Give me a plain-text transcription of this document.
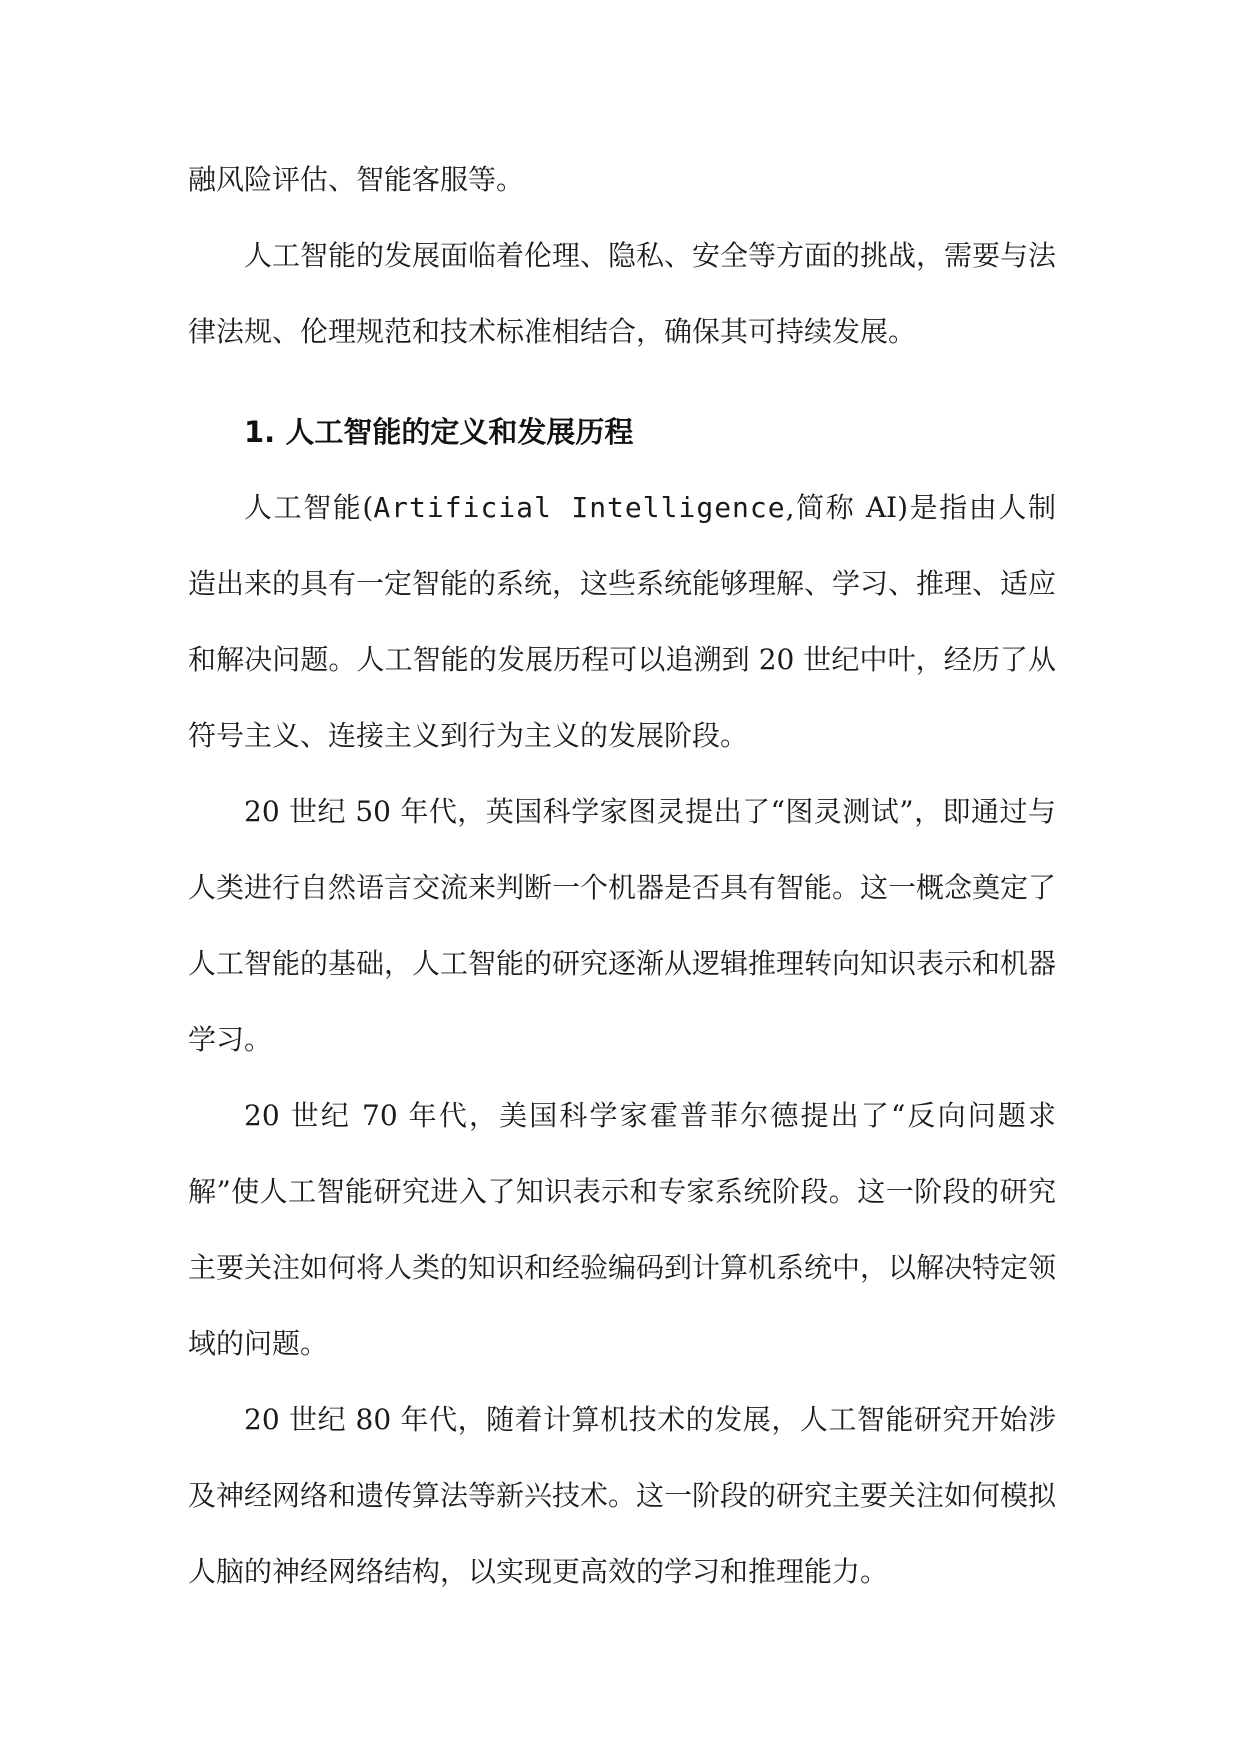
融风险评估、智能客服等。

人工智能的发展面临着伦理、隐私、安全等方面的挑战，需要与法律法规、伦理规范和技术标准相结合，确保其可持续发展。

1. 人工智能的定义和发展历程

人工智能(Artificial Intelligence,简称 AI)是指由人制造出来的具有一定智能的系统，这些系统能够理解、学习、推理、适应和解决问题。人工智能的发展历程可以追溯到 20 世纪中叶，经历了从符号主义、连接主义到行为主义的发展阶段。

20 世纪 50 年代，英国科学家图灵提出了“图灵测试”，即通过与人类进行自然语言交流来判断一个机器是否具有智能。这一概念奠定了人工智能的基础，人工智能的研究逐渐从逻辑推理转向知识表示和机器学习。

20 世纪 70 年代，美国科学家霍普菲尔德提出了“反向问题求解”使人工智能研究进入了知识表示和专家系统阶段。这一阶段的研究主要关注如何将人类的知识和经验编码到计算机系统中，以解决特定领域的问题。

20 世纪 80 年代，随着计算机技术的发展，人工智能研究开始涉及神经网络和遗传算法等新兴技术。这一阶段的研究主要关注如何模拟人脑的神经网络结构，以实现更高效的学习和推理能力。
